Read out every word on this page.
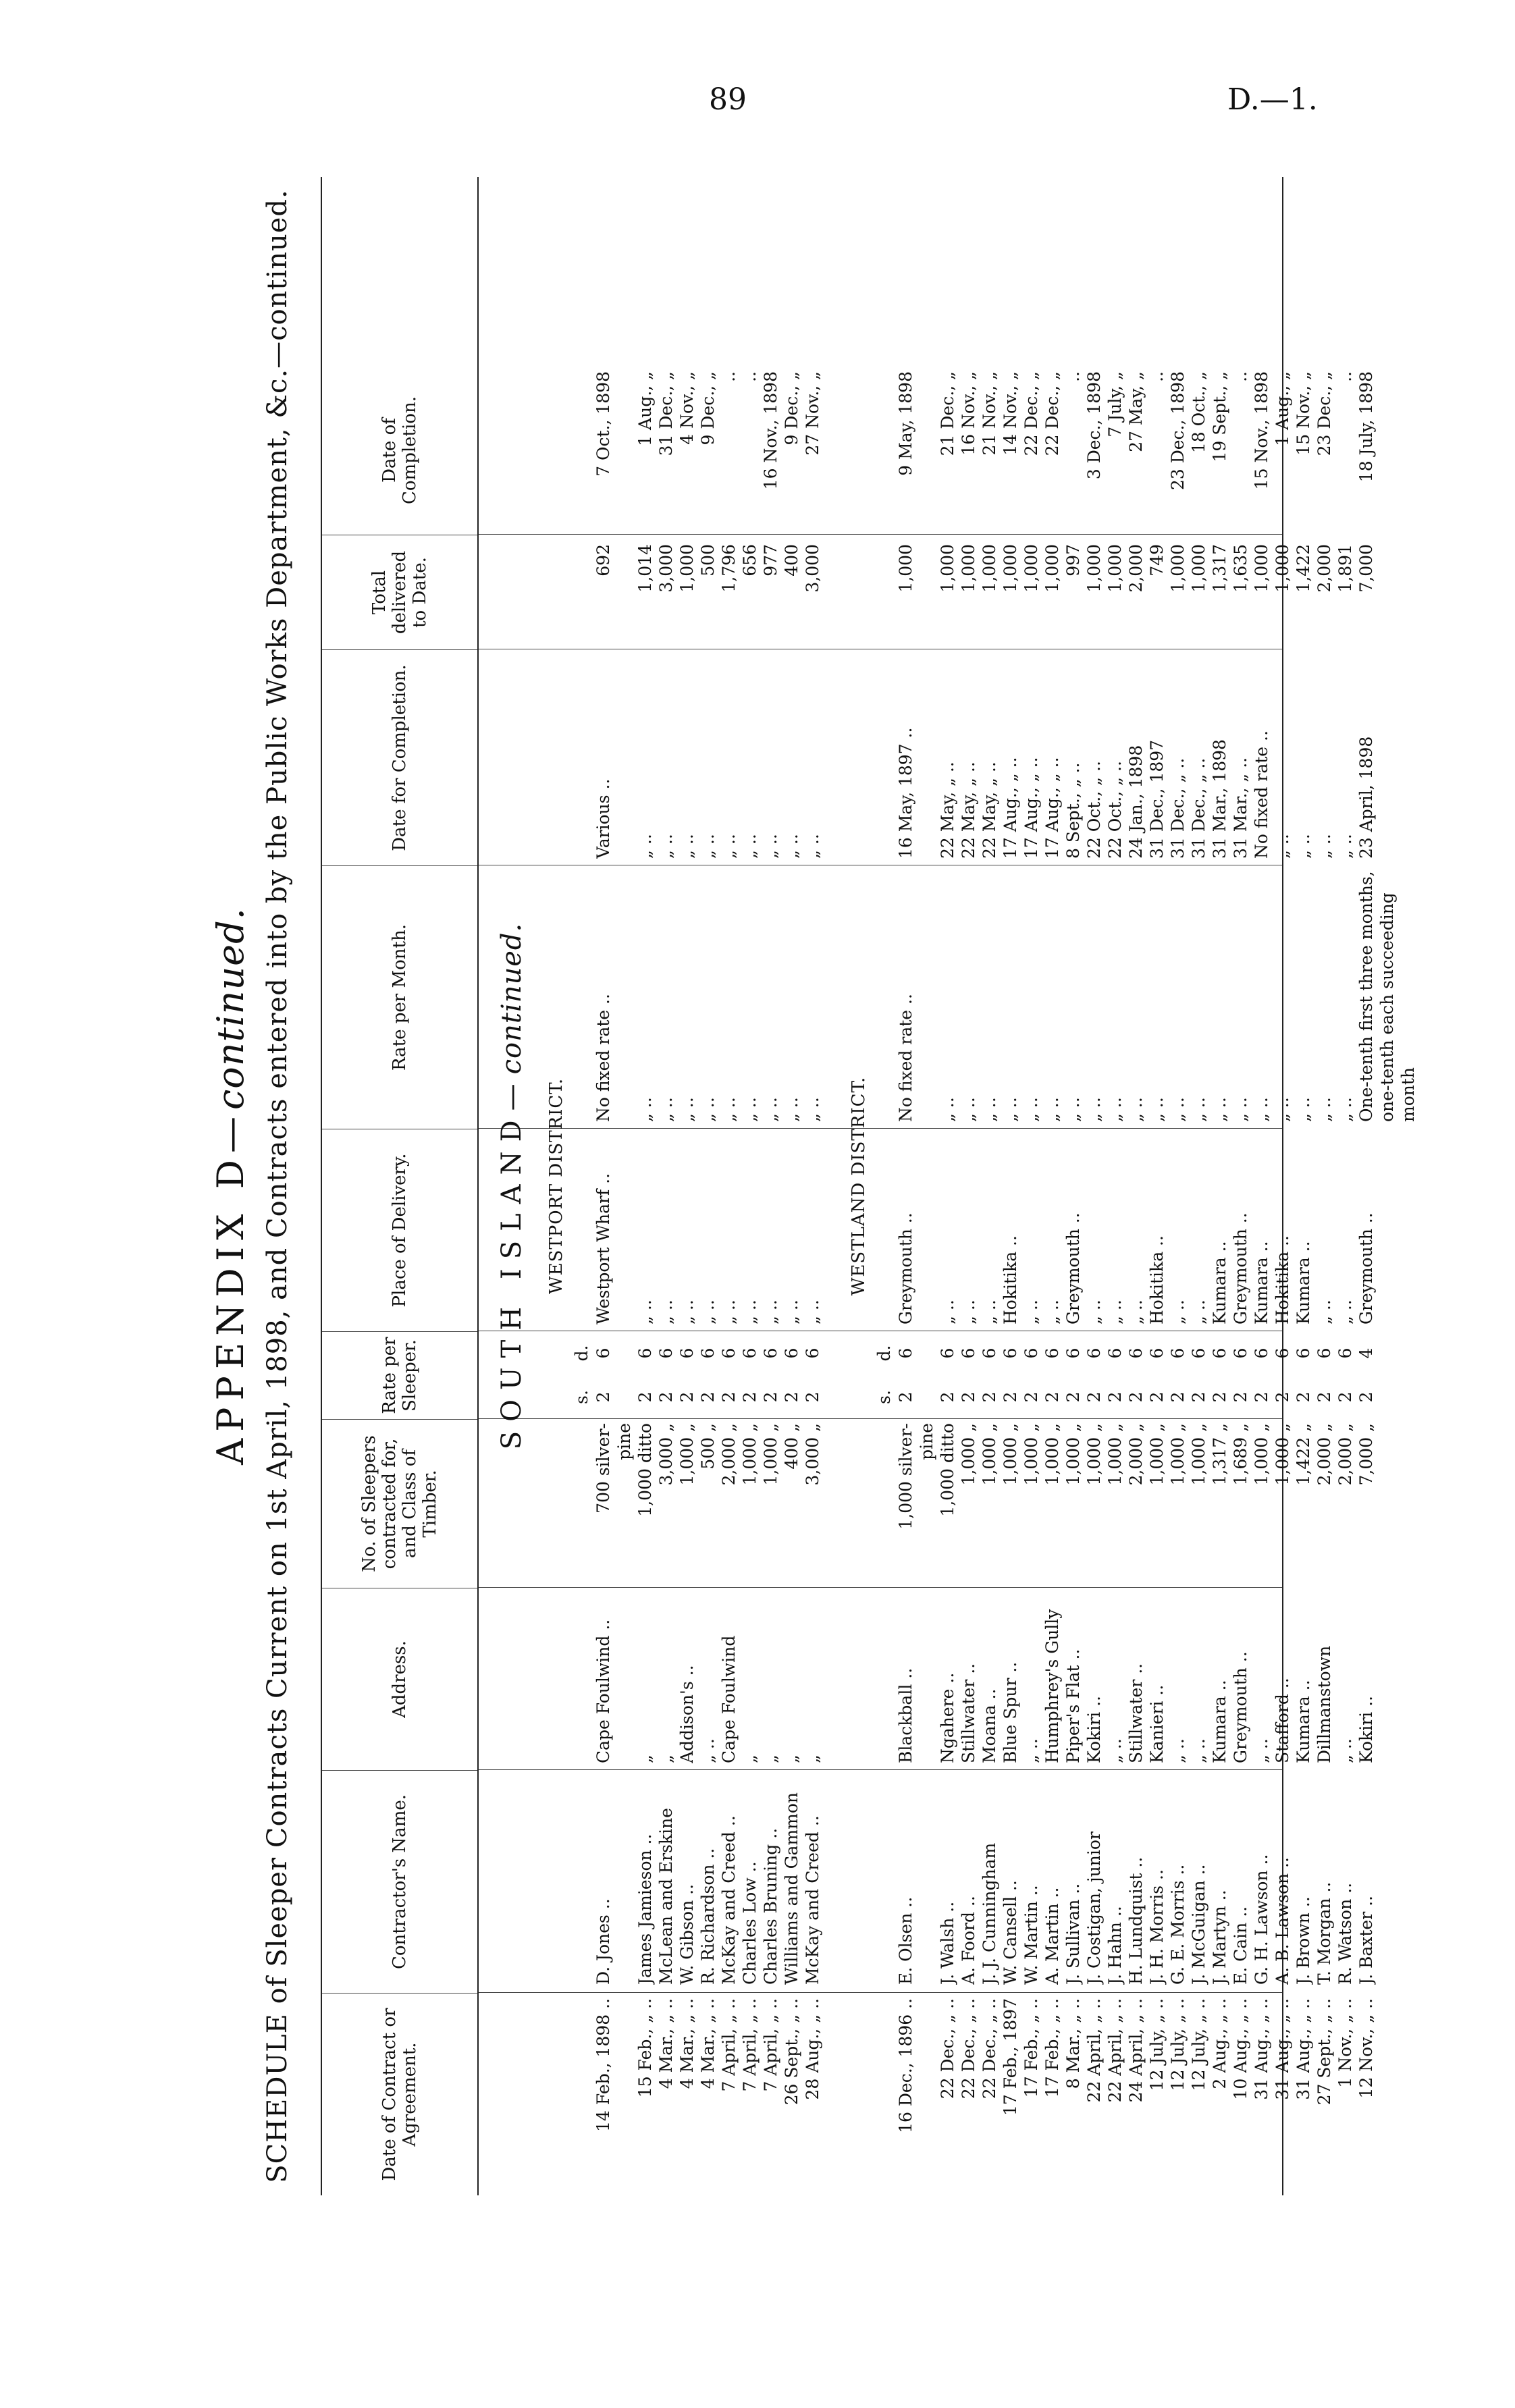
89	D.—1.
APPENDIX D—continued. SCHEDULE of Sleeper Contracts Current on 1st April, 1898, and Contracts entered into by the Public Works Department, &c.—continued.	Date of Contract or Agreement.
Contractor's Name.
Address.
No. of Sleepers contracted for, and Class of Timber.
Rate per Sleeper.
Place of Delivery.
Rate per Month.
Date for Completion.
Total delivered to Date.
Date of Completion.
SOUTH ISLAND—continued.
WESTPORT DISTRICT.
s.
d.
14 Feb., 1898 ..
D. Jones ..
Cape Foulwind ..
700 silver-
2
6
Westport Wharf ..
No fixed rate ..
Various ..
692
7 Oct., 1898
pine
15 Feb., „ ..
James Jamieson ..
„
1,000 ditto
2
6
„ ..
„ ..
„ ..
1,014
1 Aug., „
4 Mar., „ ..
McLean and Erskine
„
3,000 „
2
6
„ ..
„ ..
„ ..
3,000
31 Dec., „
4 Mar., „ ..
W. Gibson ..
Addison's ..
1,000 „
2
6
„ ..
„ ..
„ ..
1,000
4 Nov., „
4 Mar., „ ..
R. Richardson ..
„ ..
500 „
2
6
„ ..
„ ..
„ ..
500
9 Dec., „
7 April, „ ..
McKay and Creed ..
Cape Foulwind
2,000 „
2
6
„ ..
„ ..
„ ..
1,796
..
7 April, „ ..
Charles Low ..
„
1,000 „
2
6
„ ..
„ ..
„ ..
656
..
7 April, „ ..
Charles Bruning ..
„
1,000 „
2
6
„ ..
„ ..
„ ..
977
16 Nov., 1898
26 Sept., „ ..
Williams and Gammon
„
400 „
2
6
„ ..
„ ..
„ ..
400
9 Dec., „
28 Aug., „ ..
McKay and Creed ..
„
3,000 „
2
6
„ ..
„ ..
„ ..
3,000
27 Nov., „
WESTLAND DISTRICT.
s.
d.
16 Dec., 1896 ..
E. Olsen ..
Blackball ..
1,000 silver-
2
6
Greymouth ..
No fixed rate ..
16 May, 1897 ..
1,000
9 May, 1898
pine
22 Dec., „ ..
J. Walsh ..
Ngahere ..
1,000 ditto
2
6
„ ..
„ ..
22 May, „ ..
1,000
21 Dec., „
22 Dec., „ ..
A. Foord ..
Stillwater ..
1,000 „
2
6
„ ..
„ ..
22 May, „ ..
1,000
16 Nov., „
22 Dec., „ ..
J. J. Cunningham
Moana ..
1,000 „
2
6
„ ..
„ ..
22 May, „ ..
1,000
21 Nov., „
17 Feb., 1897
W. Cansell ..
Blue Spur ..
1,000 „
2
6
Hokitika ..
„ ..
17 Aug., „ ..
1,000
14 Nov., „
17 Feb., „ ..
W. Martin ..
„ ..
1,000 „
2
6
„ ..
„ ..
17 Aug., „ ..
1,000
22 Dec., „
17 Feb., „ ..
A. Martin ..
Humphrey's Gully
1,000 „
2
6
„ ..
„ ..
17 Aug., „ ..
1,000
22 Dec., „
8 Mar., „ ..
J. Sullivan ..
Piper's Flat ..
1,000 „
2
6
Greymouth ..
„ ..
8 Sept., „ ..
997
..
22 April, „ ..
J. Costigan, junior
Kokiri ..
1,000 „
2
6
„ ..
„ ..
22 Oct., „ ..
1,000
3 Dec., 1898
22 April, „ ..
J. Hahn ..
„ ..
1,000 „
2
6
„ ..
„ ..
22 Oct., „ ..
1,000
7 July, „
24 April, „ ..
H. Lundquist ..
Stillwater ..
2,000 „
2
6
„ ..
„ ..
24 Jan., 1898
2,000
27 May, „
12 July, „ ..
J. H. Morris ..
Kanieri ..
1,000 „
2
6
Hokitika ..
„ ..
31 Dec., 1897
749
..
12 July, „ ..
G. E. Morris ..
„ ..
1,000 „
2
6
„ ..
„ ..
31 Dec., „ ..
1,000
23 Dec., 1898
12 July, „ ..
J. McGuigan ..
„ ..
1,000 „
2
6
„ ..
„ ..
31 Dec., „ ..
1,000
18 Oct., „
2 Aug., „ ..
J. Martyn ..
Kumara ..
1,317 „
2
6
Kumara ..
„ ..
31 Mar., 1898
1,317
19 Sept., „
10 Aug., „ ..
E. Cain ..
Greymouth ..
1,689 „
2
6
Greymouth ..
„ ..
31 Mar., „ ..
1,635
..
31 Aug., „ ..
G. H. Lawson ..
„ ..
1,000 „
2
6
Kumara ..
„ ..
No fixed rate ..
1,000
15 Nov., 1898
31 Aug., „ ..
A. B. Lawson ..
Stafford ..
1,000 „
2
6
Hokitika ..
„ ..
„ ..
1,000
1 Aug., „
31 Aug., „ ..
J. Brown ..
Kumara ..
1,422 „
2
6
Kumara ..
„ ..
„ ..
1,422
15 Nov., „
27 Sept., „ ..
T. Morgan ..
Dillmanstown
2,000 „
2
6
„ ..
„ ..
„ ..
2,000
23 Dec., „
1 Nov., „ ..
R. Watson ..
„ ..
2,000 „
2
6
„ ..
„ ..
„ ..
1,891
..
12 Nov., „ ..
J. Baxter ..
Kokiri ..
7,000 „
2
4
Greymouth ..
One-tenth first three months,
23 April, 1898
7,000
18 July, 1898
one-tenth each succeeding month
